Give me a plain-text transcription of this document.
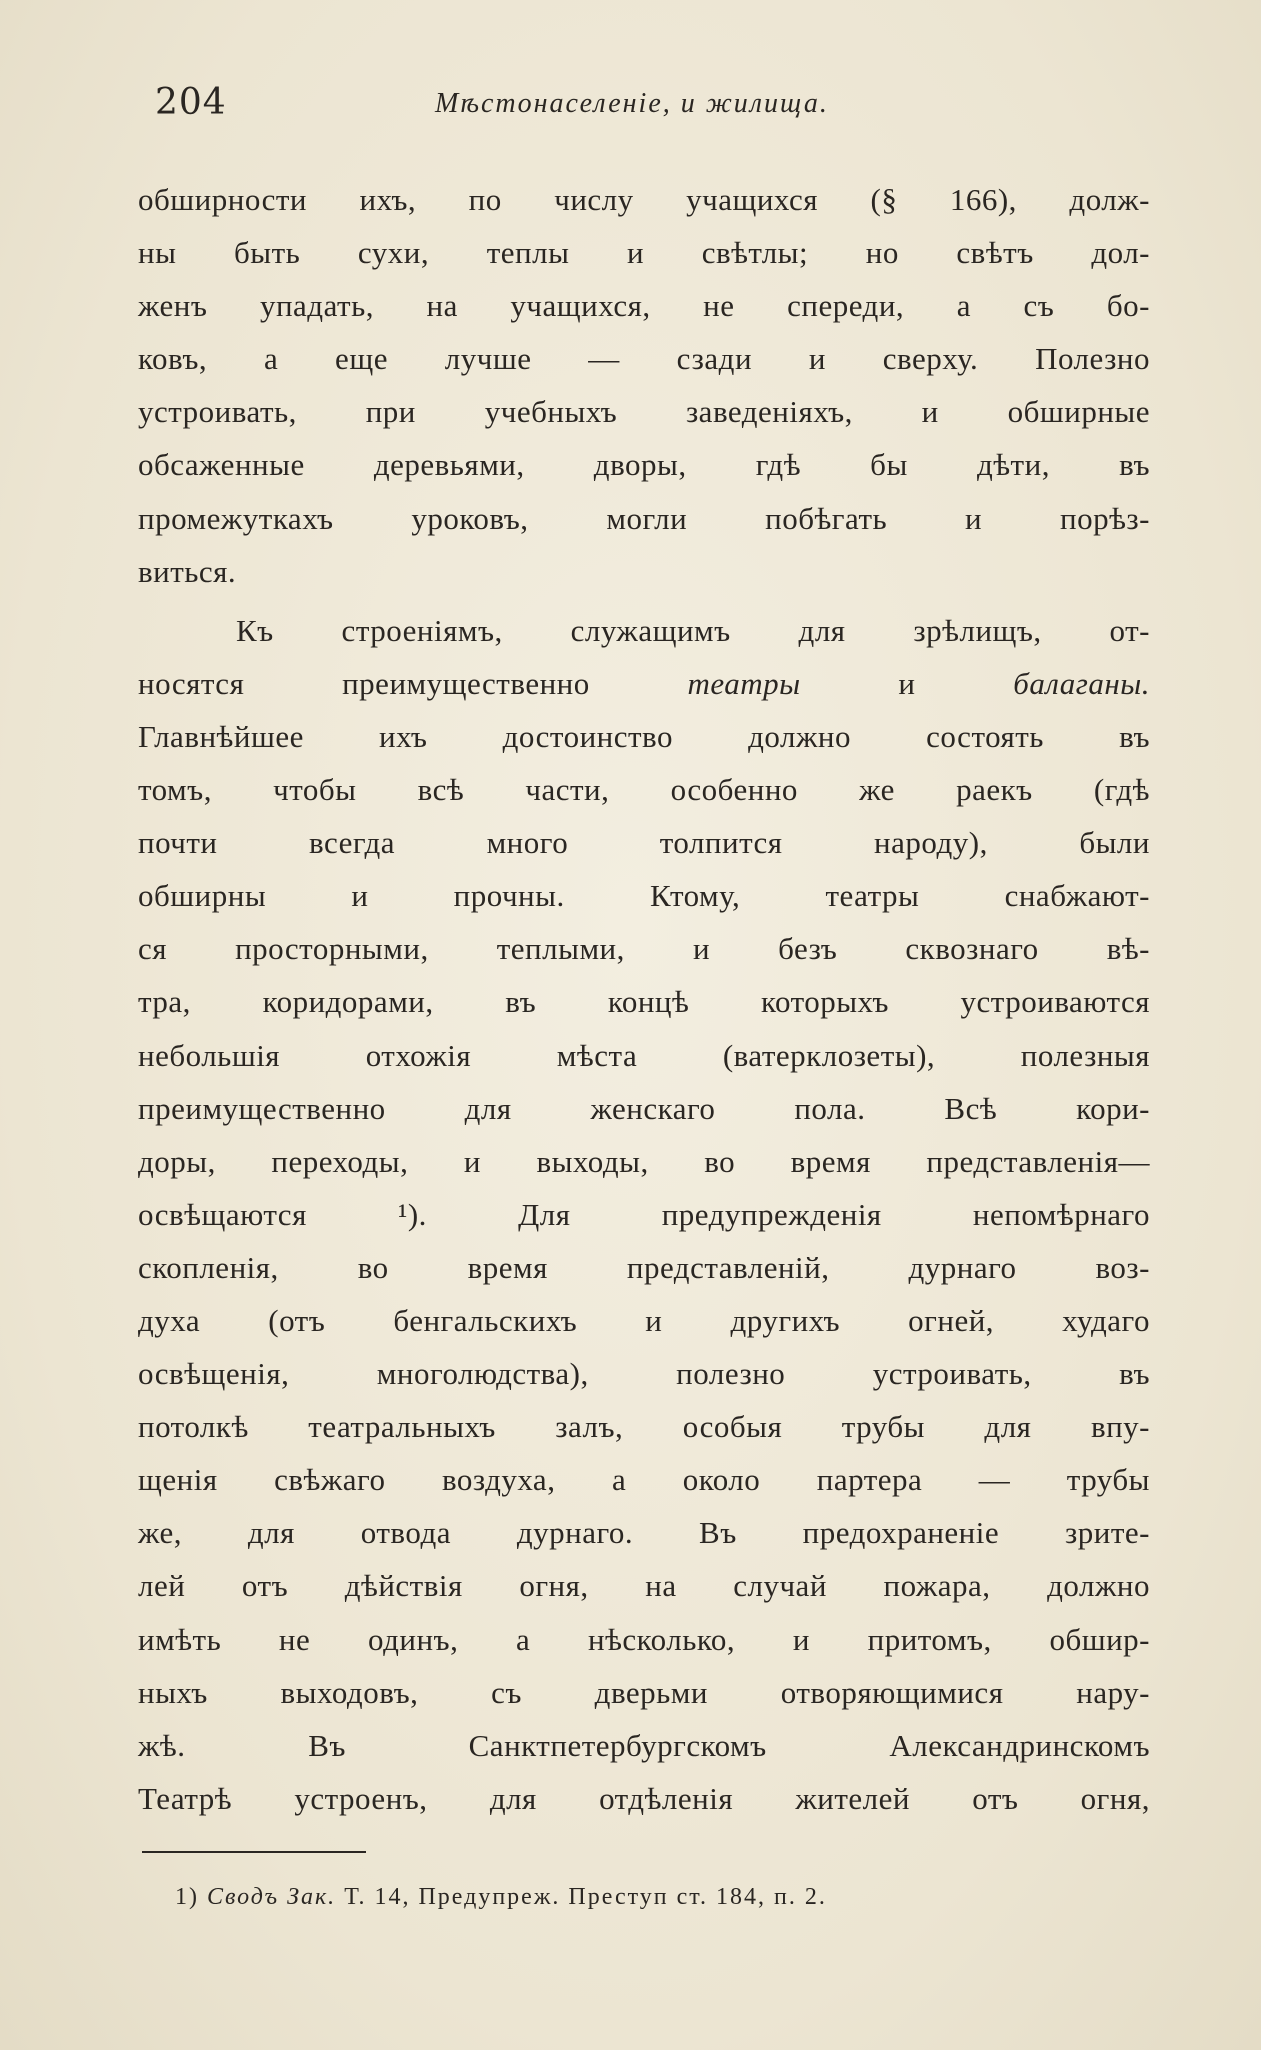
204	Мѣстонаселеніе, и жилища.
обширности ихъ, по числу учащихся (§ 166), долж-
ны быть сухи, теплы и свѣтлы; но свѣтъ дол-
женъ упадать, на учащихся, не спереди, а съ бо-
ковъ, а еще лучше — сзади и сверху. Полезно
устроивать, при учебныхъ заведеніяхъ, и обширные
обсаженные деревьями, дворы, гдѣ бы дѣти, въ
промежуткахъ уроковъ, могли побѣгать и порѣз-
виться.
Къ строеніямъ, служащимъ для зрѣлищъ, от-
носятся преимущественно театры и балаганы.
Главнѣйшее ихъ достоинство должно состоять въ
томъ, чтобы всѣ части, особенно же раекъ (гдѣ
почти всегда много толпится народу), были
обширны и прочны. Ктому, театры снабжают-
ся просторными, теплыми, и безъ сквознаго вѣ-
тра, коридорами, въ концѣ которыхъ устроиваются
небольшія отхожія мѣста (ватерклозеты), полезныя
преимущественно для женскаго пола. Всѣ кори-
доры, переходы, и выходы, во время представленія—
освѣщаются ¹). Для предупрежденія непомѣрнаго
скопленія, во время представленій, дурнаго воз-
духа (отъ бенгальскихъ и другихъ огней, худаго
освѣщенія, многолюдства), полезно устроивать, въ
потолкѣ театральныхъ залъ, особыя трубы для впу-
щенія свѣжаго воздуха, а около партера — трубы
же, для отвода дурнаго. Въ предохраненіе зрите-
лей отъ дѣйствія огня, на случай пожара, должно
имѣть не одинъ, а нѣсколько, и притомъ, обшир-
ныхъ выходовъ, съ дверьми отворяющимися нару-
жѣ. Въ Санктпетербургскомъ Александринскомъ
Театрѣ устроенъ, для отдѣленія жителей отъ огня,
1) Сводъ Зак. Т. 14, Предупреж. Преступ ст. 184, п. 2.
